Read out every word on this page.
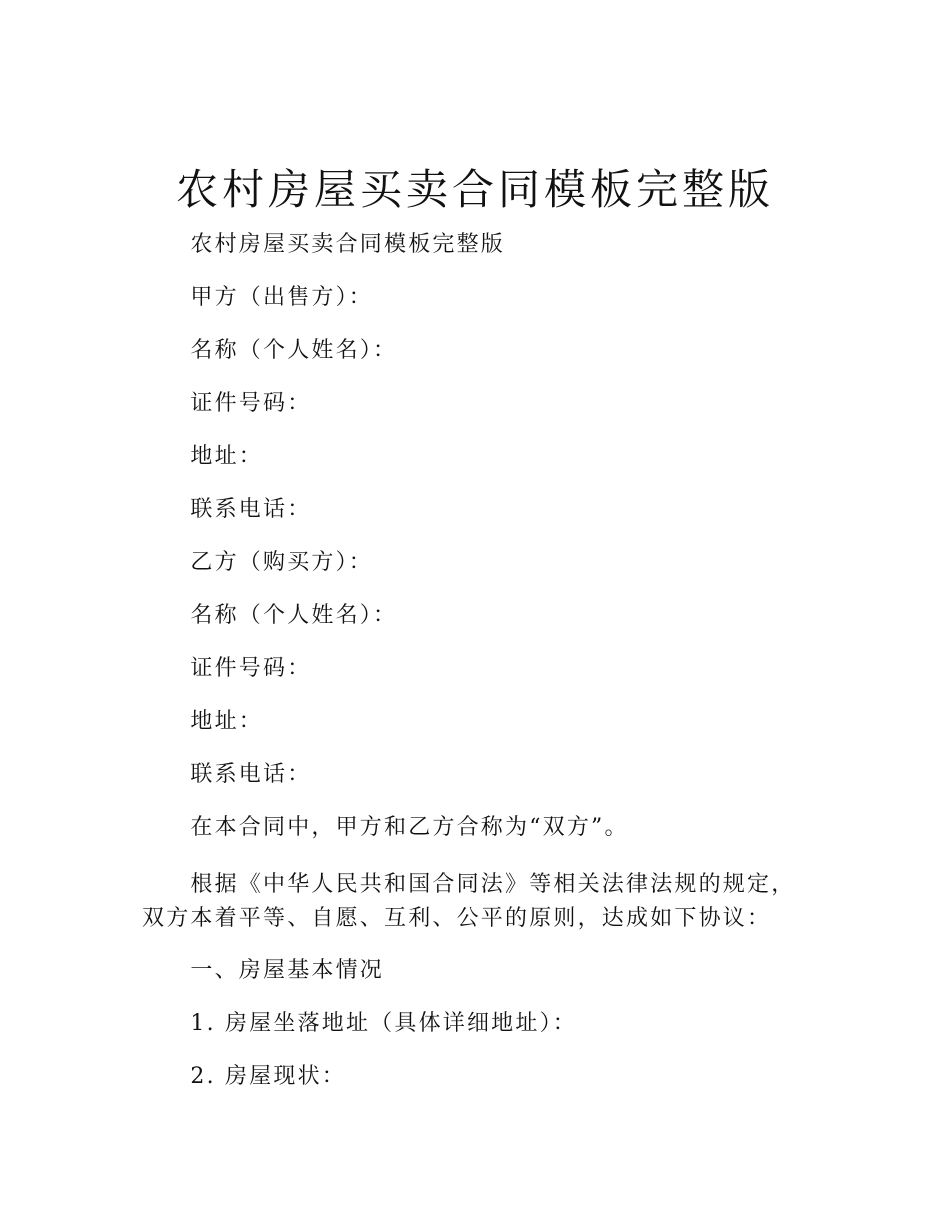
农村房屋买卖合同模板完整版

农村房屋买卖合同模板完整版

甲方（出售方）：

名称（个人姓名）：

证件号码：

地址：

联系电话：

乙方（购买方）：

名称（个人姓名）：

证件号码：

地址：

联系电话：

在本合同中，甲方和乙方合称为“双方”。

根据《中华人民共和国合同法》等相关法律法规的规定，双方本着平等、自愿、互利、公平的原则，达成如下协议：

一、房屋基本情况

1. 房屋坐落地址（具体详细地址）：

2. 房屋现状：
